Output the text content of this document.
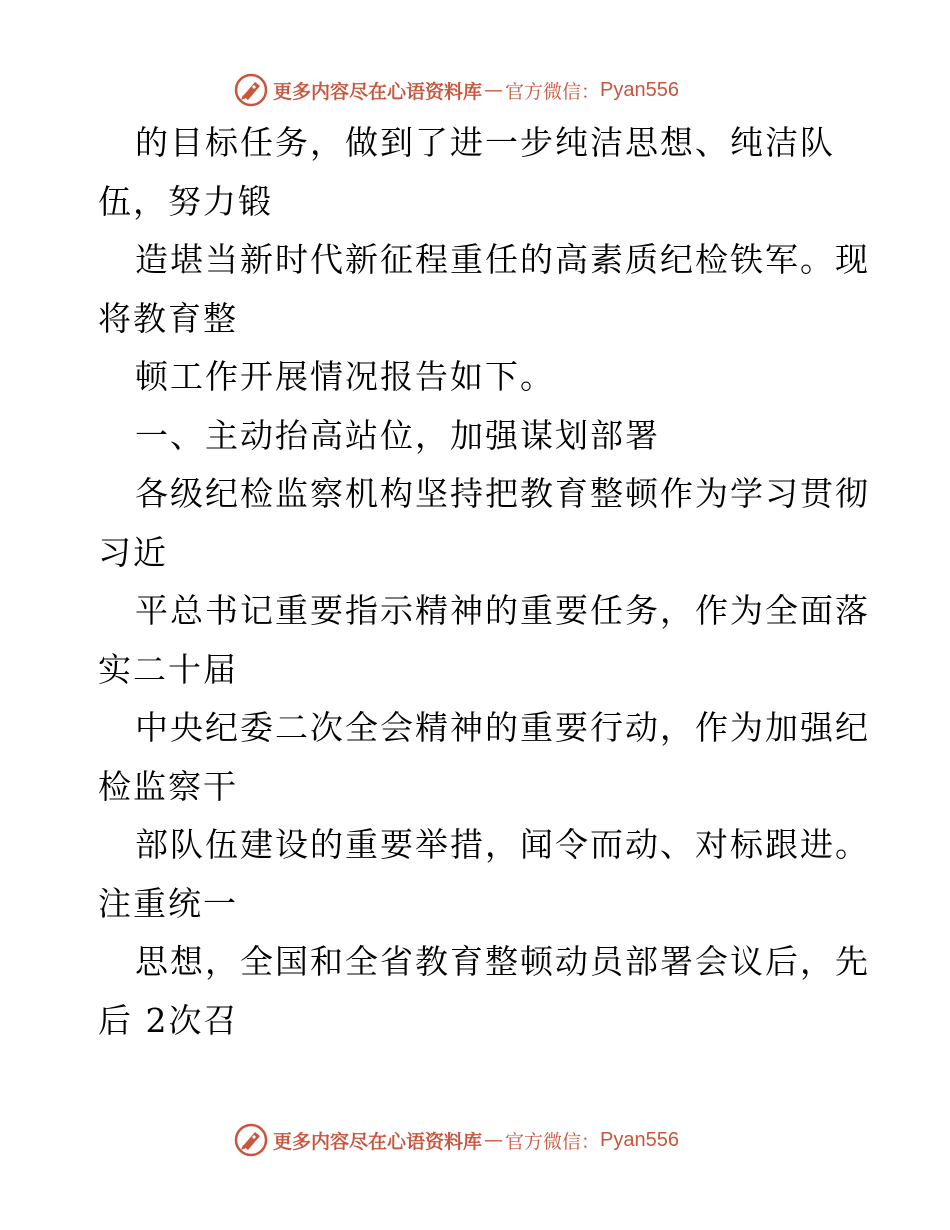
更多内容尽在心语资料库 — 官方微信： Pyan556
的目标任务，做到了进一步纯洁思想、纯洁队
伍，努力锻
造堪当新时代新征程重任的高素质纪检铁军。现
将教育整
顿工作开展情况报告如下。
一、主动抬高站位，加强谋划部署
各级纪检监察机构坚持把教育整顿作为学习贯彻
习近
平总书记重要指示精神的重要任务，作为全面落
实二十届
中央纪委二次全会精神的重要行动，作为加强纪
检监察干
部队伍建设的重要举措，闻令而动、对标跟进。
注重统一
思想，全国和全省教育整顿动员部署会议后，先
后 2次召
更多内容尽在心语资料库 — 官方微信： Pyan556
